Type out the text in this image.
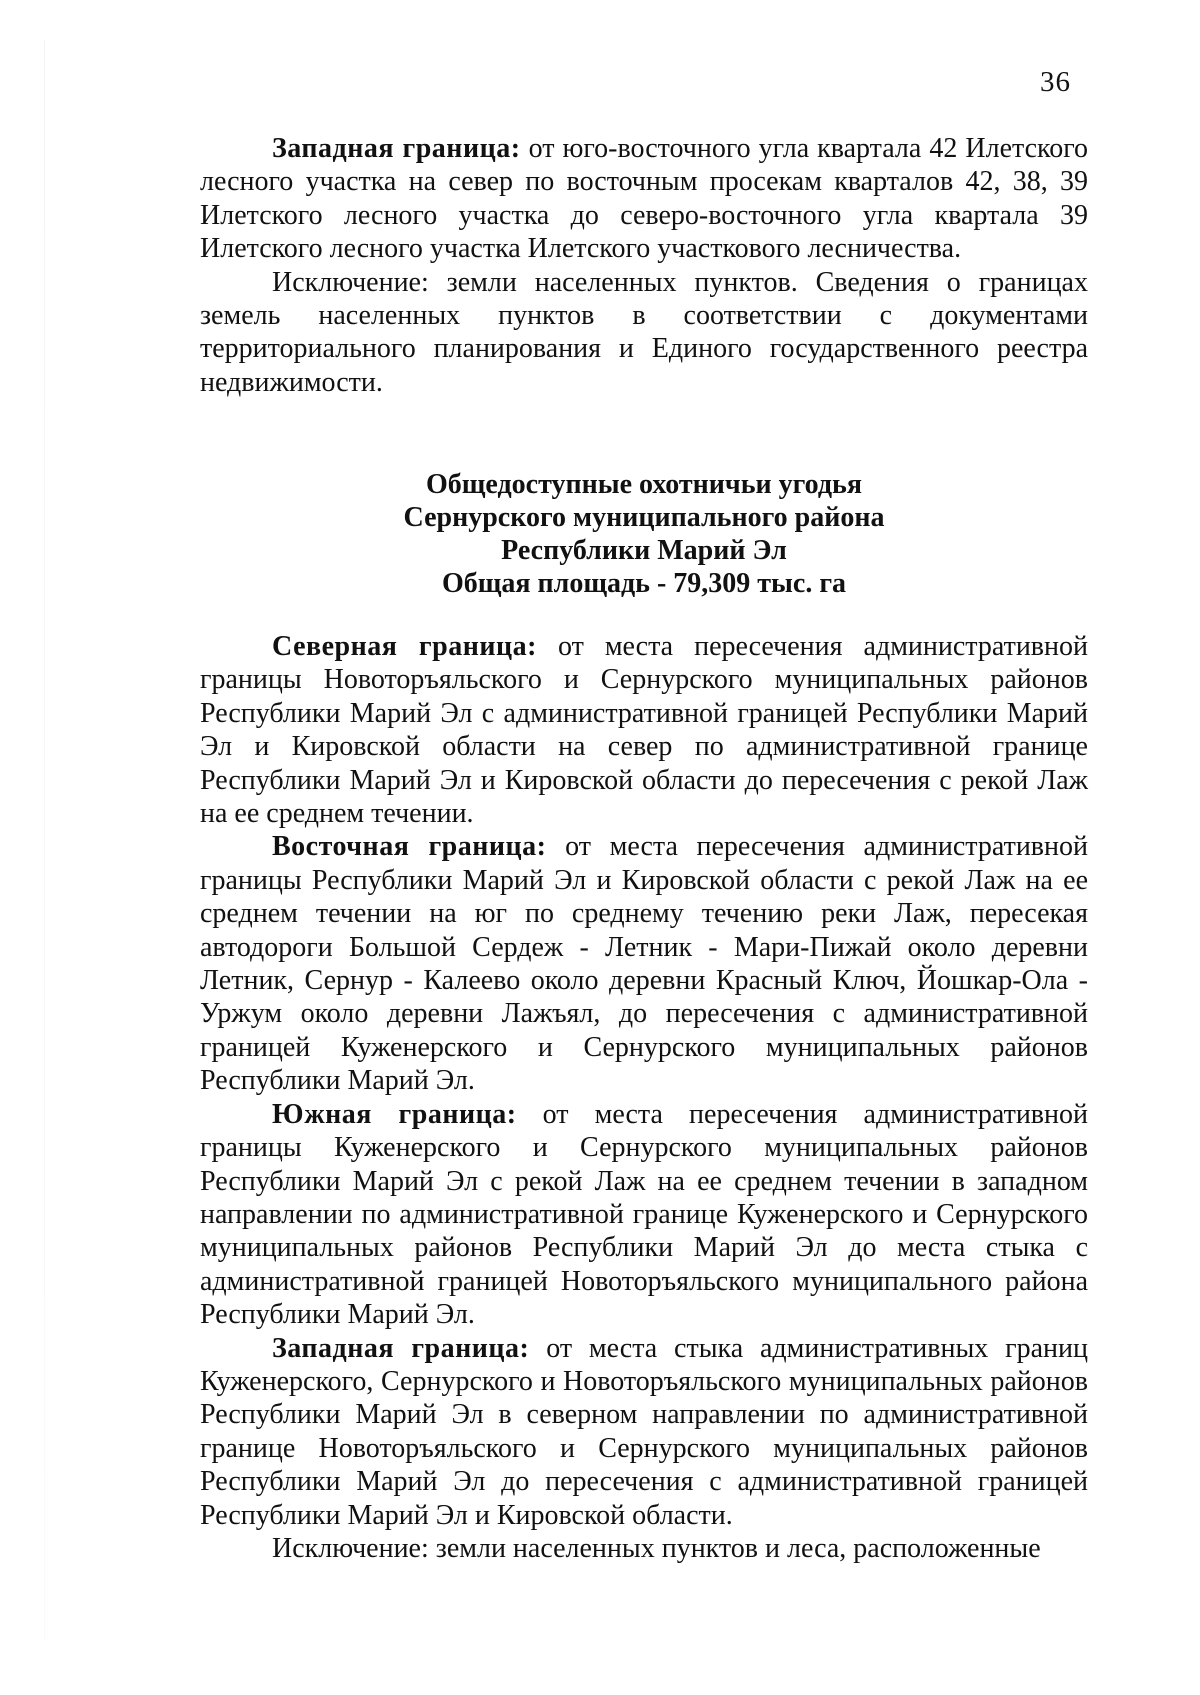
36

Западная граница: от юго-восточного угла квартала 42 Илетского лесного участка на север по восточным просекам кварталов 42, 38, 39 Илетского лесного участка до северо-восточного угла квартала 39 Илетского лесного участка Илетского участкового лесничества.

Исключение: земли населенных пунктов. Сведения о границах земель населенных пунктов в соответствии с документами территориального планирования и Единого государственного реестра недвижимости.

Общедоступные охотничьи угодья
Сернурского муниципального района
Республики Марий Эл
Общая площадь - 79,309 тыс. га

Северная граница: от места пересечения административной границы Новоторъяльского и Сернурского муниципальных районов Республики Марий Эл с административной границей Республики Марий Эл и Кировской области на север по административной границе Республики Марий Эл и Кировской области до пересечения с рекой Лаж на ее среднем течении.

Восточная граница: от места пересечения административной границы Республики Марий Эл и Кировской области с рекой Лаж на ее среднем течении на юг по среднему течению реки Лаж, пересекая автодороги Большой Сердеж - Летник - Мари-Пижай около деревни Летник, Сернур - Калеево около деревни Красный Ключ, Йошкар-Ола - Уржум около деревни Лажъял, до пересечения с административной границей Куженерского и Сернурского муниципальных районов Республики Марий Эл.

Южная граница: от места пересечения административной границы Куженерского и Сернурского муниципальных районов Республики Марий Эл с рекой Лаж на ее среднем течении в западном направлении по административной границе Куженерского и Сернурского муниципальных районов Республики Марий Эл до места стыка с административной границей Новоторъяльского муниципального района Республики Марий Эл.

Западная граница: от места стыка административных границ Куженерского, Сернурского и Новоторъяльского муниципальных районов Республики Марий Эл в северном направлении по административной границе Новоторъяльского и Сернурского муниципальных районов Республики Марий Эл до пересечения с административной границей Республики Марий Эл и Кировской области.

Исключение: земли населенных пунктов и леса, расположенные
